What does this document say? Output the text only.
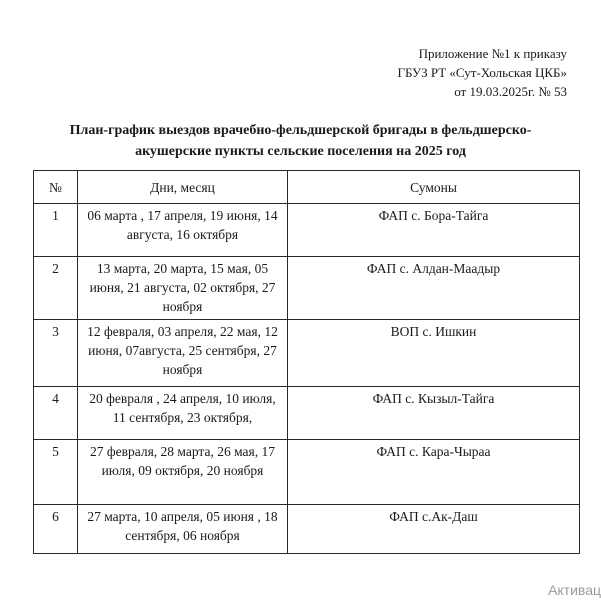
Приложение №1 к приказу
ГБУЗ РТ «Сут-Хольская ЦКБ»
от 19.03.2025г. № 53
План-график выездов врачебно-фельдшерской бригады в фельдшерско-
акушерские пункты сельские поселения на 2025 год
№	Дни, месяц	Сумоны
1	06 марта , 17 апреля, 19 июня, 14 августа, 16 октября	ФАП с. Бора-Тайга
2	13 марта, 20 марта, 15 мая, 05 июня, 21 августа, 02 октября, 27 ноября	ФАП с. Алдан-Маадыр
3	12 февраля, 03 апреля, 22 мая, 12 июня, 07августа, 25 сентября, 27 ноября	ВОП с. Ишкин
4	20 февраля , 24 апреля, 10 июля, 11 сентября, 23 октября,	ФАП с. Кызыл-Тайга
5	27 февраля, 28 марта, 26 мая, 17 июля, 09 октября, 20 ноября	ФАП с. Кара-Чыраа
6	27 марта, 10 апреля, 05 июня , 18 сентября, 06 ноября	ФАП с.Ак-Даш
Активац
